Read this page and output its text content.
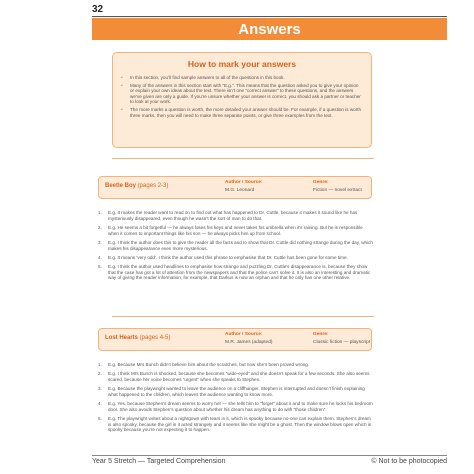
32
Answers
How to mark your answers
• In this section, you’ll find sample answers to all of the questions in this book.
• Many of the answers in this section start with “E.g.”. This means that the question asked you to give your opinion or explain your own ideas about the text. There isn’t one “correct answer” to these questions, and the answers we’ve given are only a guide. If you’re unsure whether your answer is correct, you should ask a partner or teacher to look at your work.
• The more marks a question is worth, the more detailed your answer should be. For example, if a question is worth three marks, then you will need to make three separate points, or give three examples from the text.
Beetle Boy (pages 2-3)
Author / Source:
M.G. Leonard
Genre:
Fiction — novel extract
1. E.g. It makes the reader want to read on to find out what has happened to Dr. Cuttle, because it makes it sound like he has mysteriously disappeared, even though he wasn’t the sort of man to do that.
2. E.g. He seems a bit forgetful — he always loses his keys and never takes his umbrella when it’s raining. But he is responsible when it comes to important things like his son — he always picks him up from school.
3. E.g. I think the author does this to give the reader all the facts and to show that Dr. Cuttle did nothing strange during the day, which makes his disappearance even more mysterious.
4. E.g. It means ‘very odd’. I think the author used this phrase to emphasise that Dr. Cuttle has been gone for some time.
5. E.g. I think the author used headlines to emphasise how strange and puzzling Dr. Cuttle’s disappearance is, because they show that the case has got a lot of attention from the newspapers and that the police can’t solve it. It is also an interesting and dramatic way of giving the reader information, for example, that Darkus is now an orphan and that he only has one other relative.
Lost Hearts (pages 4-5)
Author / Source:
M.R. James (adapted)
Genre:
Classic fiction — playscript
1. E.g. Because Mrs Bunch didn’t believe him about the scratches, but now she’s been proved wrong.
2. E.g. I think Mrs Bunch is shocked, because she becomes “wide-eyed” and she doesn’t speak for a few seconds. She also seems scared, because her voice becomes “urgent” when she speaks to Stephen.
3. E.g. Because the playwright wanted to leave the audience on a cliffhanger. Stephen is interrupted and doesn’t finish explaining what happened to the children, which leaves the audience wanting to know more.
4. E.g. Yes, because Stephen’s dream seems to worry her — she tells him to “forget” about it and to make sure he locks his bedroom door. She also avoids Stephen’s question about whether his dream has anything to do with “those children”.
5. E.g. The playwright writes about a nightgown with tears in it, which is spooky because no-one can explain them. Stephen’s dream is also spooky, because the girl in it acted strangely and it seems like she might be a ghost. Then the window blows open which is spooky because you’re not expecting it to happen.
Year 5 Stretch — Targeted Comprehension	© Not to be photocopied
